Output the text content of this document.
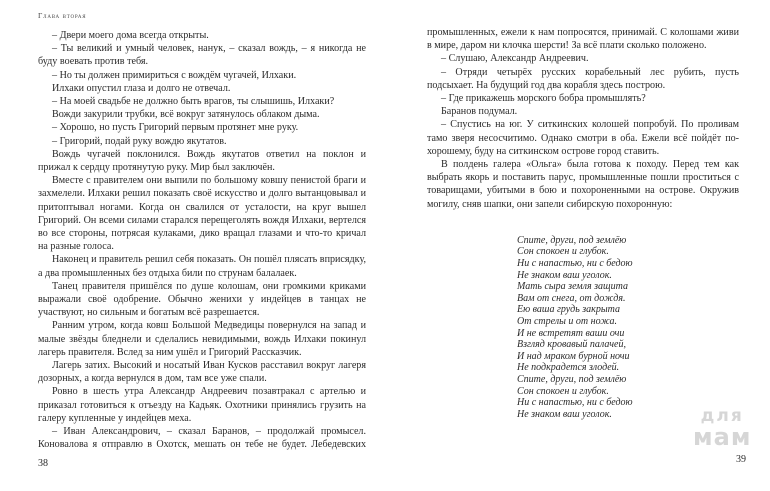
Глава вторая

– Двери моего дома всегда открыты.

– Ты великий и умный человек, нанук, – сказал вождь, – я никогда не буду воевать против тебя.

– Но ты должен примириться с вождём чугачей, Илхаки.

Илхаки опустил глаза и долго не отвечал.

– На моей свадьбе не должно быть врагов, ты слышишь, Илхаки?

Вожди закурили трубки, всё вокруг затянулось облаком дыма.

– Хорошо, но пусть Григорий первым протянет мне руку.

– Григорий, подай руку вождю якутатов.

Вождь чугачей поклонился. Вождь якутатов ответил на поклон и прижал к сердцу протянутую руку. Мир был заключён.

Вместе с правителем они выпили по большому ковшу пенистой браги и захмелели. Илхаки решил показать своё искусство и долго вытанцовывал и притоптывал ногами. Когда он свалился от усталости, на круг вышел Григорий. Он всеми силами старался перещеголять вождя Илхаки, вертелся во все стороны, потрясая кулаками, дико вращал глазами и что-то кричал на разные голоса.

Наконец и правитель решил себя показать. Он пошёл плясать вприсядку, а два промышленных без отдыха били по струнам балалаек.

Танец правителя пришёлся по душе колошам, они громкими криками выражали своё одобрение. Обычно женихи у индейцев в танцах не участвуют, но сильным и богатым всё разрешается.

Ранним утром, когда ковш Большой Медведицы повернулся на запад и малые звёзды бледнели и сделались невидимыми, вождь Илхаки покинул лагерь правителя. Вслед за ним ушёл и Григорий Рассказчик.

Лагерь затих. Высокий и носатый Иван Кусков расставил вокруг лагеря дозорных, а когда вернулся в дом, там все уже спали.

Ровно в шесть утра Александр Андреевич позавтракал с артелью и приказал готовиться к отъезду на Кадьяк. Охотники принялись грузить на галеру купленные у индейцев меха.

– Иван Александрович, – сказал Баранов, – продолжай промысел. Коновалова я отправлю в Охотск, мешать он тебе не будет. Лебедевских

38

промышленных, ежели к нам попросятся, принимай. С колошами живи в мире, даром ни клочка шерсти! За всё плати сколько положено.

– Слушаю, Александр Андреевич.

– Отряди четырёх русских корабельный лес рубить, пусть подсыхает. На будущий год два корабля здесь построю.

– Где прикажешь морского бобра промышлять?

Баранов подумал.

– Спустись на юг. У ситкинских колошей попробуй. По проливам тамо зверя несосчитимо. Однако смотри в оба. Ежели всё пойдёт по-хорошему, буду на ситкинском острове город ставить.

В полдень галера «Ольга» была готова к походу. Перед тем как выбрать якорь и поставить парус, промышленные пошли проститься с товарищами, убитыми в бою и похороненными на острове. Окружив могилу, сняв шапки, они запели сибирскую похоронную:

Спите, други, под землёю
Сон спокоен и глубок.
Ни с напастью, ни с бедою
Не знаком ваш уголок.
Мать сыра земля защита
Вам от снега, от дождя.
Ею ваша грудь закрыта
От стрелы и от ножа.
И не встретят ваши очи
Взгляд кровавый палачей,
И над мраком бурной ночи
Не подкрадется злодей.
Спите, други, под землёю
Сон спокоен и глубок.
Ни с напастью, ни с бедою
Не знаком ваш уголок.
39
для
мам
